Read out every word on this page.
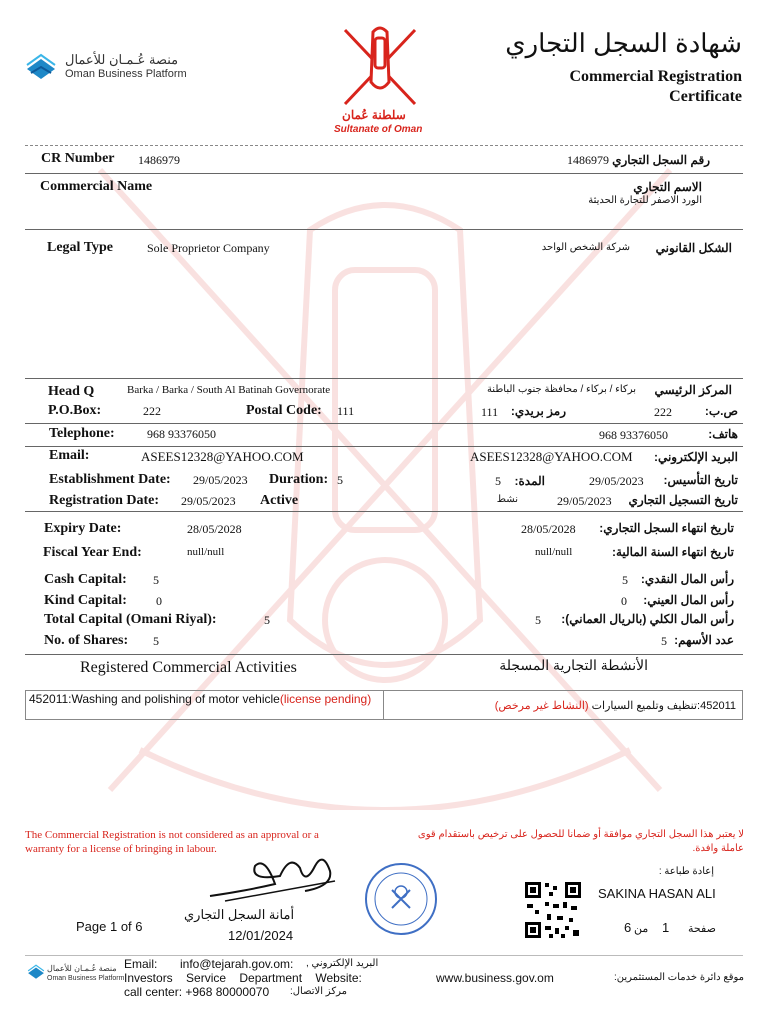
منصة عُـمـان للأعمال
Oman Business Platform
سلطنة عُمان
Sultanate of Oman
شهادة السجل التجاري
Commercial Registration
Certificate
CR Number 1486979	1486979 رقم السجل التجاري
Commercial Name	الاسم التجاري
الورد الاصفر للتجارة الحديثة
Legal Type	Sole Proprietor Company	شركة الشخص الواحد الشكل القانوني
Head Q	Barka / Barka / South Al Batinah Governorate	بركاء / بركاء / محافظة جنوب الباطنة المركز الرئيسي
P.O.Box:	222	Postal Code: 111	111 رمز بريدي:	222	ص.ب:
Telephone:	968 93376050	968 93376050	هاتف:
Email:	ASEES12328@YAHOO.COM	ASEES12328@YAHOO.COM البريد الإلكتروني:
Establishment Date: 29/05/2023 Duration: 5	5 المدة:	29/05/2023 تاريخ التأسيس:
Registration Date: 29/05/2023 Active	نشط	29/05/2023 تاريخ التسجيل التجاري
Expiry Date:	28/05/2028	28/05/2028 تاريخ انتهاء السجل التجاري:
Fiscal Year End:	null/null	null/null	تاريخ انتهاء السنة المالية:
Cash Capital: 5	5 رأس المال النقدي:
Kind Capital: 0	0 رأس المال العيني:
Total Capital (Omani Riyal):	5	5 رأس المال الكلي (بالريال العماني):
No. of Shares: 5	5 عدد الأسهم:
Registered Commercial Activities	الأنشطة التجارية المسجلة
452011:Washing and polishing of motor vehicle(license pending)	452011:تنظيف وتلميع السيارات (النشاط غير مرخص)
The Commercial Registration is not considered as an approval or a warranty for a license of bringing in labour.
لا يعتبر هذا السجل التجاري موافقة أو ضمانا للحصول على ترخيص باستقدام قوى عاملة وافدة.
أمانة السجل التجاري
12/01/2024
Page 1 of 6
إعادة طباعة :
SAKINA HASAN ALI
صفحة
1
من
6
منصة عُـمـان للأعمال
Oman Business Platform
Email: info@tejarah.gov.om: البريد الإلكتروني ,
Investors    Service    Department    Website:	www.business.gov.om	موقع دائرة خدمات المستثمرين:
call center: +968 80000070 مركز الاتصال:
